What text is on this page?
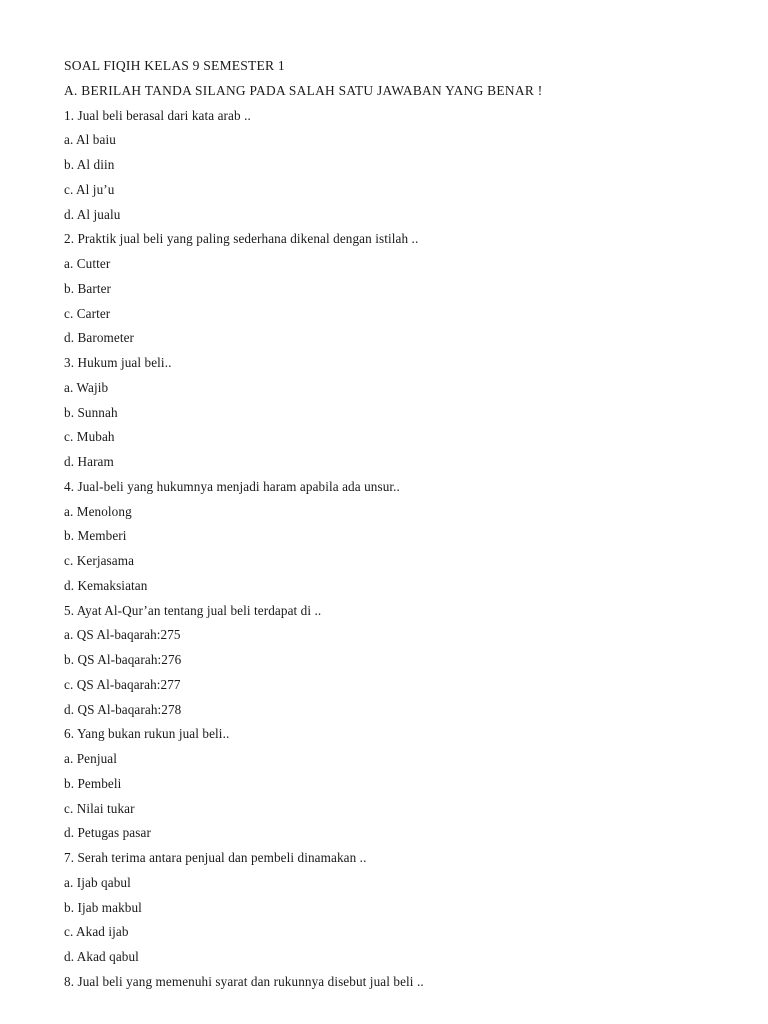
SOAL FIQIH KELAS 9 SEMESTER 1
A. BERILAH TANDA SILANG PADA SALAH SATU JAWABAN YANG BENAR !
1. Jual beli berasal dari kata arab ..
a. Al baiu
b. Al diin
c. Al ju’u
d. Al jualu
2. Praktik jual beli yang paling sederhana dikenal dengan istilah ..
a. Cutter
b. Barter
c. Carter
d. Barometer
3. Hukum jual beli..
a. Wajib
b. Sunnah
c. Mubah
d. Haram
4. Jual-beli yang hukumnya menjadi haram apabila ada unsur..
a. Menolong
b. Memberi
c. Kerjasama
d. Kemaksiatan
5. Ayat Al-Qur’an tentang jual beli terdapat di ..
a. QS Al-baqarah:275
b. QS Al-baqarah:276
c. QS Al-baqarah:277
d. QS Al-baqarah:278
6. Yang bukan rukun jual beli..
a. Penjual
b. Pembeli
c. Nilai tukar
d. Petugas pasar
7. Serah terima antara penjual dan pembeli dinamakan ..
a. Ijab qabul
b. Ijab makbul
c. Akad ijab
d. Akad qabul
8. Jual beli yang memenuhi syarat dan rukunnya disebut jual beli ..
